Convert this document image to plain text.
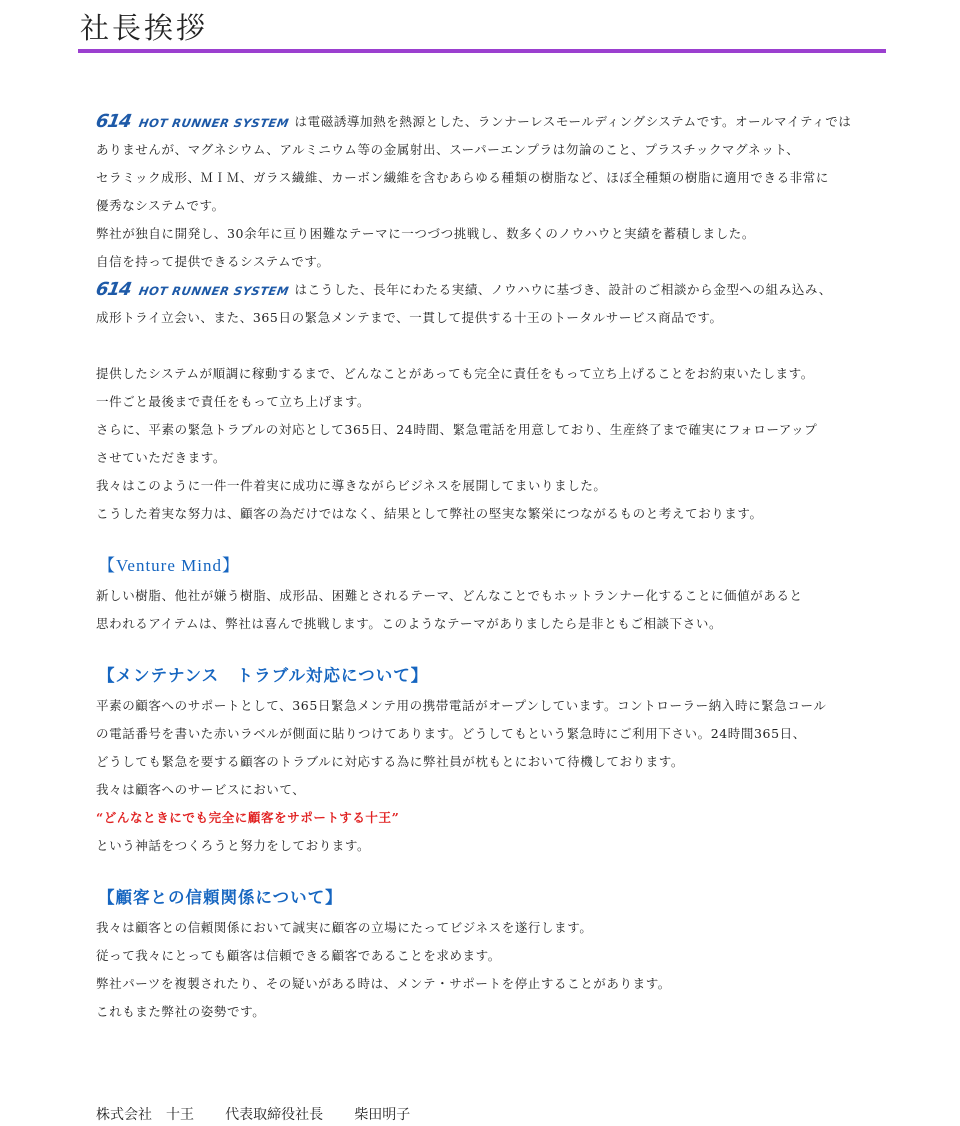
社長挨拶
614 HOT RUNNER SYSTEM は電磁誘導加熱を熱源とした、ランナーレスモールディングシステムです。オールマイティでは
ありませんが、マグネシウム、アルミニウム等の金属射出、スーパーエンプラは勿論のこと、プラスチックマグネット、
セラミック成形、ＭＩＭ、ガラス繊維、カーボン繊維を含むあらゆる種類の樹脂など、ほぼ全種類の樹脂に適用できる非常に
優秀なシステムです。
弊社が独自に開発し、30余年に亘り困難なテーマに一つづつ挑戦し、数多くのノウハウと実績を蓄積しました。
自信を持って提供できるシステムです。
614 HOT RUNNER SYSTEM はこうした、長年にわたる実績、ノウハウに基づき、設計のご相談から金型への組み込み、
成形トライ立会い、また、365日の緊急メンテまで、一貫して提供する十王のトータルサービス商品です。
提供したシステムが順調に稼動するまで、どんなことがあっても完全に責任をもって立ち上げることをお約束いたします。
一件ごと最後まで責任をもって立ち上げます。
さらに、平素の緊急トラブルの対応として365日、24時間、緊急電話を用意しており、生産終了まで確実にフォローアップ
させていただきます。
我々はこのように一件一件着実に成功に導きながらビジネスを展開してまいりました。
こうした着実な努力は、顧客の為だけではなく、結果として弊社の堅実な繁栄につながるものと考えております。
【Venture Mind】
新しい樹脂、他社が嫌う樹脂、成形品、困難とされるテーマ、どんなことでもホットランナー化することに価値があると
思われるアイテムは、弊社は喜んで挑戦します。このようなテーマがありましたら是非ともご相談下さい。
【メンテナンス　トラブル対応について】
平素の顧客へのサポートとして、365日緊急メンテ用の携帯電話がオープンしています。コントローラー納入時に緊急コール
の電話番号を書いた赤いラベルが側面に貼りつけてあります。どうしてもという緊急時にご利用下さい。24時間365日、
どうしても緊急を要する顧客のトラブルに対応する為に弊社員が枕もとにおいて待機しております。
我々は顧客へのサービスにおいて、
“どんなときにでも完全に顧客をサポートする十王”
という神話をつくろうと努力をしております。
【顧客との信頼関係について】
我々は顧客との信頼関係において誠実に顧客の立場にたってビジネスを遂行します。
従って我々にとっても顧客は信頼できる顧客であることを求めます。
弊社パーツを複製されたり、その疑いがある時は、メンテ・サポートを停止することがあります。
これもまた弊社の姿勢です。
株式会社　十王 代表取締役社長 柴田明子
